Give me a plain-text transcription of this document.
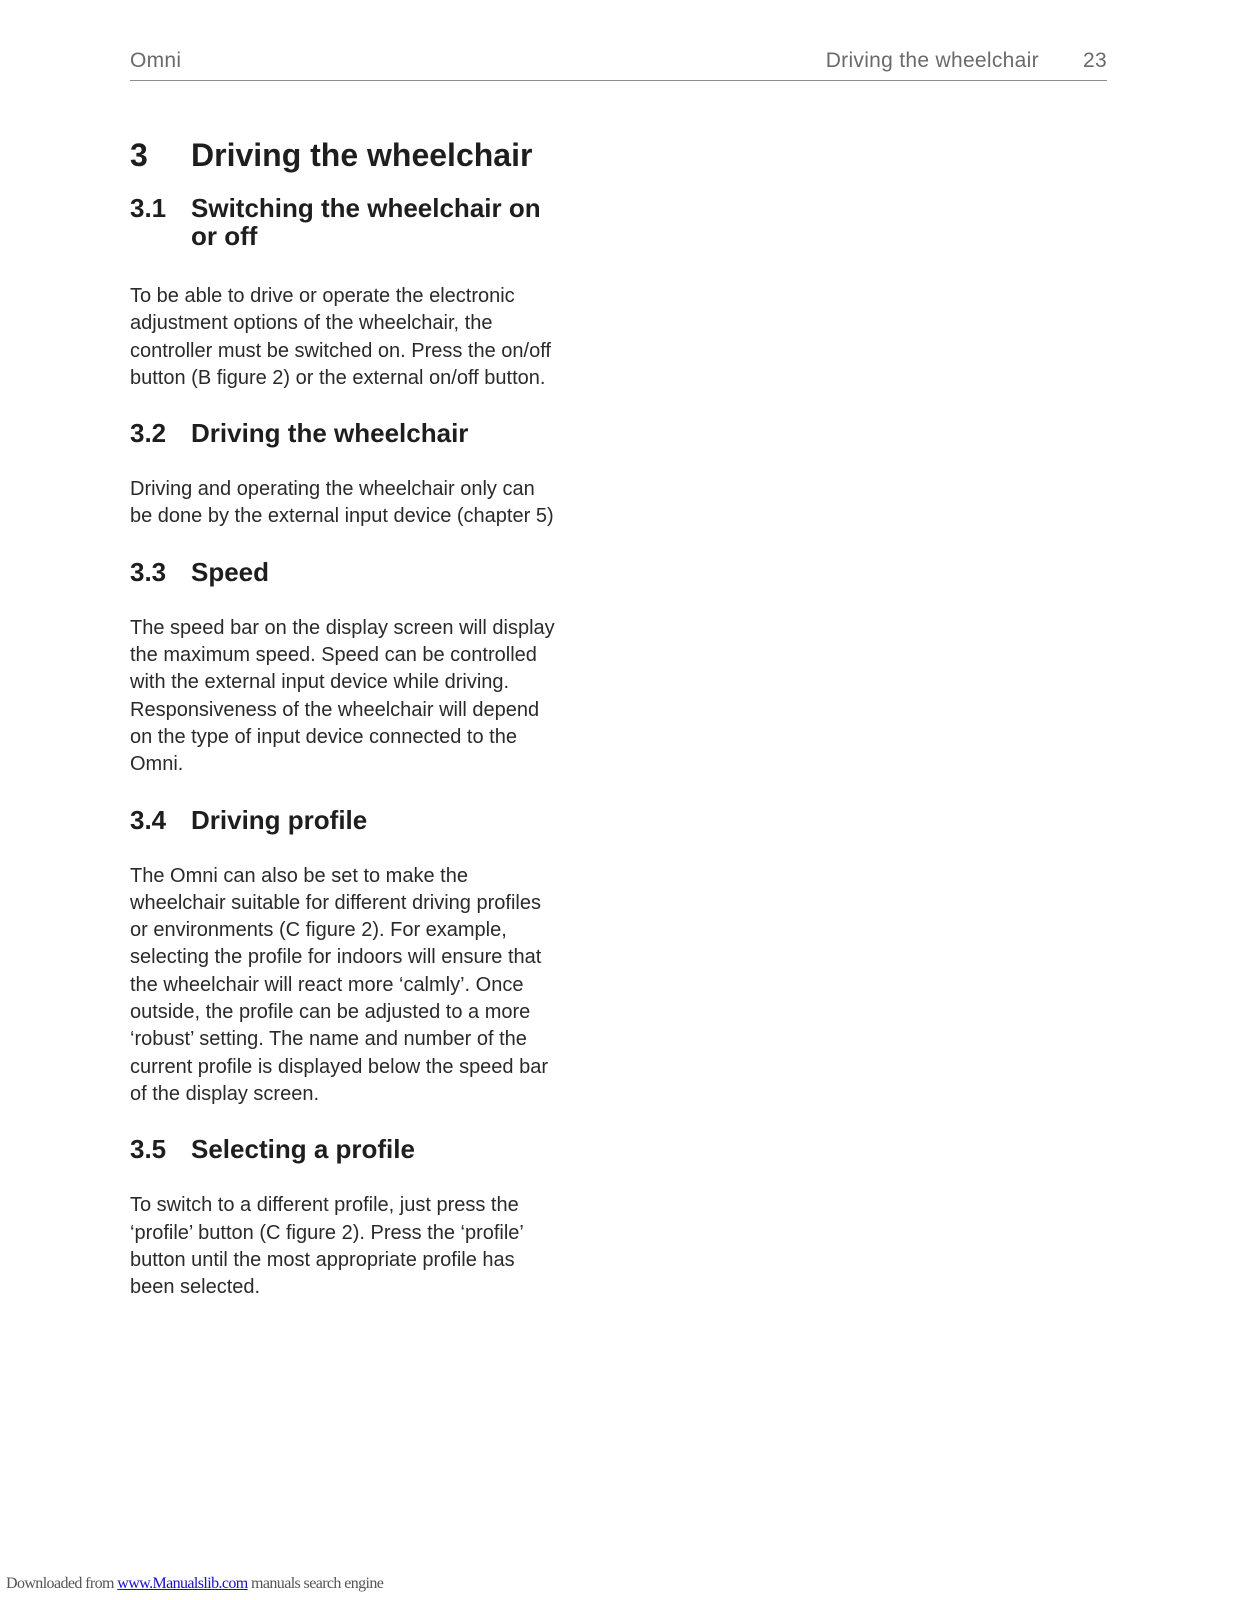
Omni	Driving the wheelchair 23
3	Driving the wheelchair
3.1 Switching the wheelchair on
or off

To be able to drive or operate the electronic
adjustment options of the wheelchair, the
controller must be switched on. Press the on/off
button (B figure 2) or the external on/off button.

3.2 Driving the wheelchair

Driving and operating the wheelchair only can
be done by the external input device (chapter 5)

3.3 Speed

The speed bar on the display screen will display
the maximum speed. Speed can be controlled
with the external input device while driving.
Responsiveness of the wheelchair will depend
on the type of input device connected to the
Omni.

3.4 Driving profile

The Omni can also be set to make the
wheelchair suitable for different driving profiles
or environments (C figure 2). For example,
selecting the profile for indoors will ensure that
the wheelchair will react more ‘calmly’. Once
outside, the profile can be adjusted to a more
‘robust’ setting. The name and number of the
current profile is displayed below the speed bar
of the display screen.

3.5 Selecting a profile

To switch to a different profile, just press the
‘profile’ button (C figure 2). Press the ‘profile’
button until the most appropriate profile has
been selected.

Downloaded from www.Manualslib.com manuals search engine
